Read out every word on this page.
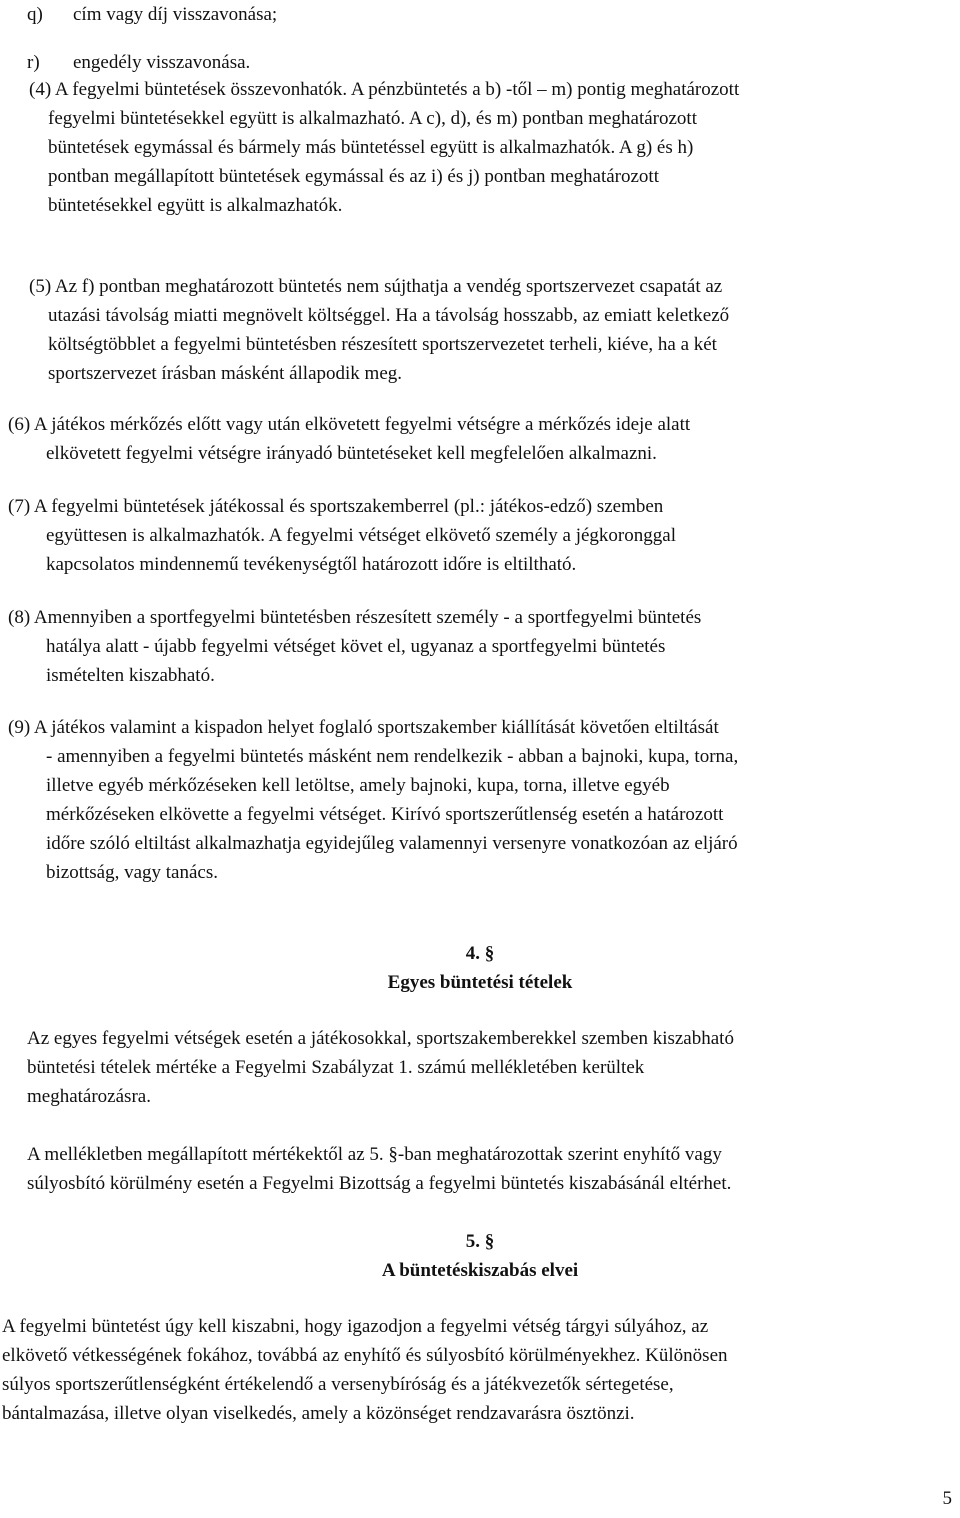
q) cím vagy díj visszavonása;
r) engedély visszavonása.
(4) A fegyelmi büntetések összevonhatók. A pénzbüntetés a b) -től – m) pontig meghatározott
fegyelmi büntetésekkel együtt is alkalmazható. A c), d), és m) pontban meghatározott
büntetések egymással és bármely más büntetéssel együtt is alkalmazhatók. A g) és h)
pontban megállapított büntetések egymással és az i) és j) pontban meghatározott
büntetésekkel együtt is alkalmazhatók.
(5) Az f) pontban meghatározott büntetés nem sújthatja a vendég sportszervezet csapatát az
utazási távolság miatti megnövelt költséggel. Ha a távolság hosszabb, az emiatt keletkező
költségtöbblet a fegyelmi büntetésben részesített sportszervezetet terheli, kiéve, ha a két
sportszervezet írásban másként állapodik meg.
(6) A játékos mérkőzés előtt vagy után elkövetett fegyelmi vétségre a mérkőzés ideje alatt
elkövetett fegyelmi vétségre irányadó büntetéseket kell megfelelően alkalmazni.
(7) A fegyelmi büntetések játékossal és sportszakemberrel (pl.: játékos-edző) szemben
együttesen is alkalmazhatók. A fegyelmi vétséget elkövető személy a jégkoronggal
kapcsolatos mindennemű tevékenységtől határozott időre is eltiltható.
(8) Amennyiben a sportfegyelmi büntetésben részesített személy - a sportfegyelmi büntetés
hatálya alatt - újabb fegyelmi vétséget követ el, ugyanaz a sportfegyelmi büntetés
ismételten kiszabható.
(9) A játékos valamint a kispadon helyet foglaló sportszakember kiállítását követően eltiltását
- amennyiben a fegyelmi büntetés másként nem rendelkezik - abban a bajnoki, kupa, torna,
illetve egyéb mérkőzéseken kell letöltse, amely bajnoki, kupa, torna, illetve egyéb
mérkőzéseken elkövette a fegyelmi vétséget. Kirívó sportszerűtlenség esetén a határozott
időre szóló eltiltást alkalmazhatja egyidejűleg valamennyi versenyre vonatkozóan az eljáró
bizottság, vagy tanács.
4. §
Egyes büntetési tételek
Az egyes fegyelmi vétségek esetén a játékosokkal, sportszakemberekkel szemben kiszabható
büntetési tételek mértéke a Fegyelmi Szabályzat 1. számú mellékletében kerültek
meghatározásra.
A mellékletben megállapított mértékektől az 5. §-ban meghatározottak szerint enyhítő vagy
súlyosbító körülmény esetén a Fegyelmi Bizottság a fegyelmi büntetés kiszabásánál eltérhet.
5. §
A büntetéskiszabás elvei
A fegyelmi büntetést úgy kell kiszabni, hogy igazodjon a fegyelmi vétség tárgyi súlyához, az
elkövető vétkességének fokához, továbbá az enyhítő és súlyosbító körülményekhez. Különösen
súlyos sportszerűtlenségként értékelendő a versenybíróság és a játékvezetők sértegetése,
bántalmazása, illetve olyan viselkedés, amely a közönséget rendzavarásra ösztönzi.
5
